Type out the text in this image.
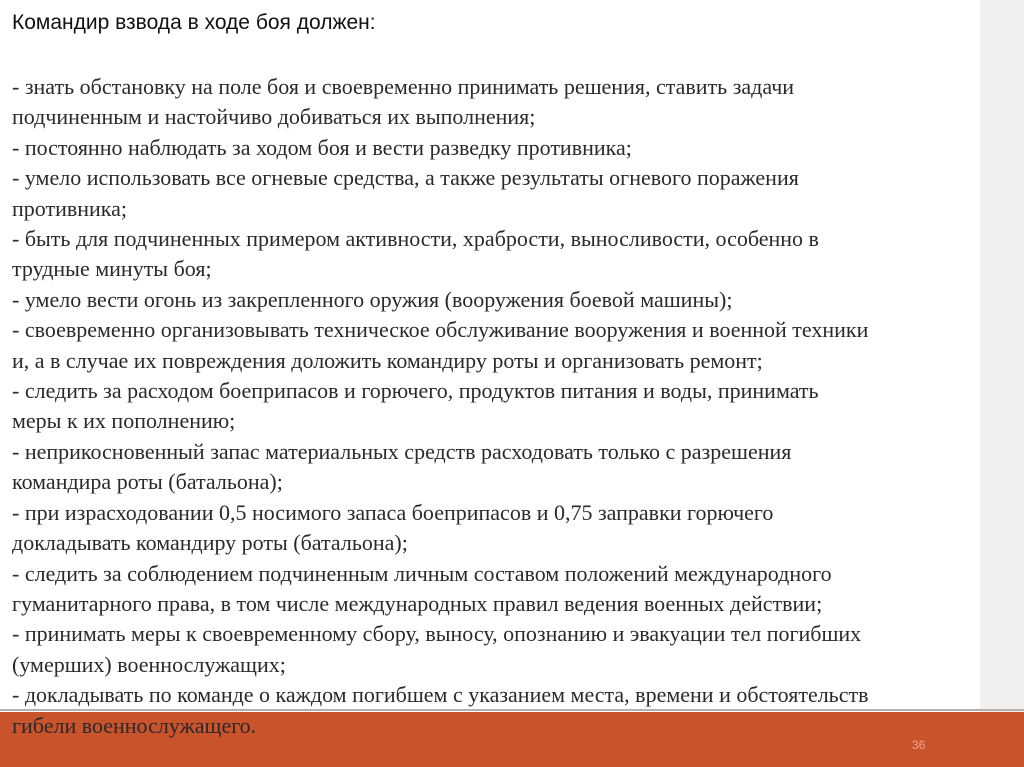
Командир взвода в ходе боя должен:
- знать обстановку на поле боя и своевременно принимать решения, ставить задачи
подчиненным и настойчиво добиваться их выполнения;
- постоянно наблюдать за ходом боя и вести разведку противника;
- умело использовать все огневые средства, а также результаты огневого поражения
противника;
- быть для подчиненных примером активности, храбрости, выносливости, особенно в
трудные минуты боя;
- умело вести огонь из закрепленного оружия (вооружения боевой машины);
- своевременно организовывать техническое обслуживание вооружения и военной техники
и, а в случае их повреждения доложить командиру роты и организовать ремонт;
- следить за расходом боеприпасов и горючего, продуктов питания и воды, принимать
меры к их пополнению;
- неприкосновенный запас материальных средств расходовать только с разрешения
командира роты (батальона);
- при израсходовании 0,5 носимого запаса боеприпасов и 0,75 заправки горючего
докладывать командиру роты (батальона);
- следить за соблюдением подчиненным личным составом положений международного
гуманитарного права, в том числе международных правил ведения военных действии;
- принимать меры к своевременному сбору, выносу, опознанию и эвакуации тел погибших
(умерших) военнослужащих;
- докладывать по команде о каждом погибшем с указанием места, времени и обстоятельств
гибели военнослужащего.
36
